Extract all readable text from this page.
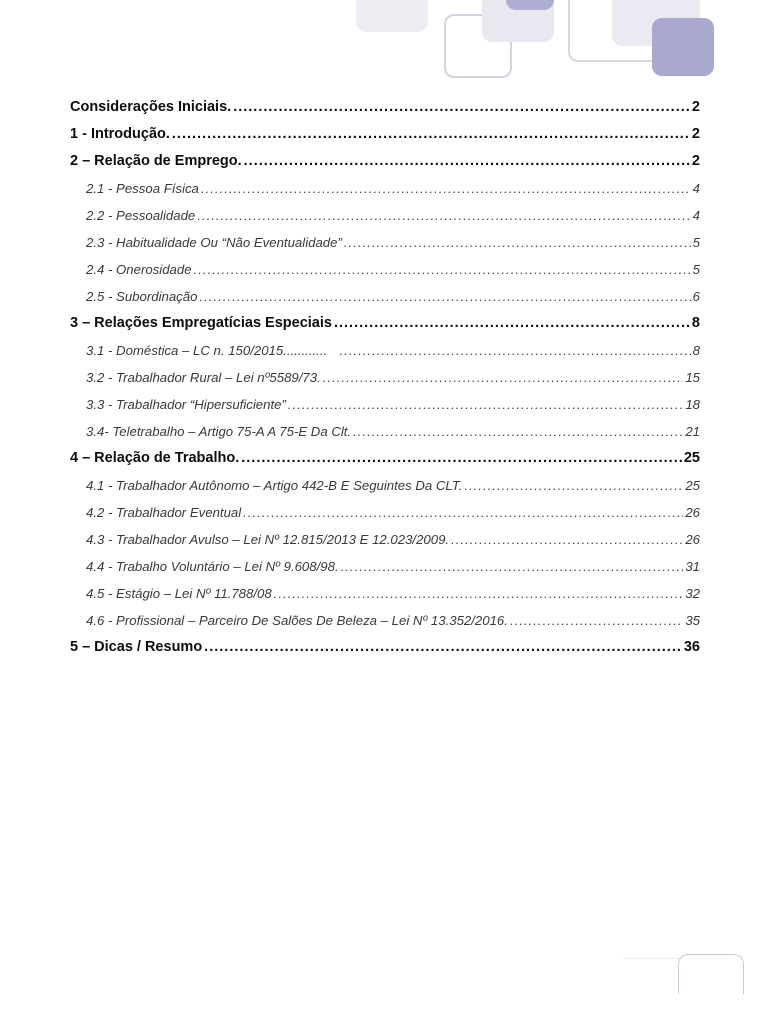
Considerações Iniciais. .....	2
1 - Introdução. .....	2
2 – Relação de Emprego. .....	2
2.1 - Pessoa Física .....	4
2.2 - Pessoalidade .....	4
2.3 - Habitualidade Ou “Não Eventualidade” .....	5
2.4 - Onerosidade .....	5
2.5 - Subordinação .....	6
3 – Relações Empregatícias Especiais .....	8
3.1 - Doméstica – LC n. 150/2015............ .....	8
3.2 - Trabalhador Rural – Lei nº5589/73. .....	15
3.3 - Trabalhador “Hipersuficiente” .....	18
3.4- Teletrabalho – Artigo 75-A A 75-E Da Clt. .....	21
4 – Relação de Trabalho. .....	25
4.1 - Trabalhador Autônomo – Artigo 442-B E Seguintes Da CLT. .....	25
4.2 - Trabalhador Eventual .....	26
4.3 - Trabalhador Avulso – Lei Nº 12.815/2013 E 12.023/2009. .....	26
4.4 - Trabalho Voluntário – Lei Nº 9.608/98. .....	31
4.5 - Estágio – Lei Nº 11.788/08 .....	32
4.6 - Profissional – Parceiro De Salões De Beleza – Lei Nº 13.352/2016. .....	35
5 – Dicas / Resumo .....	36
